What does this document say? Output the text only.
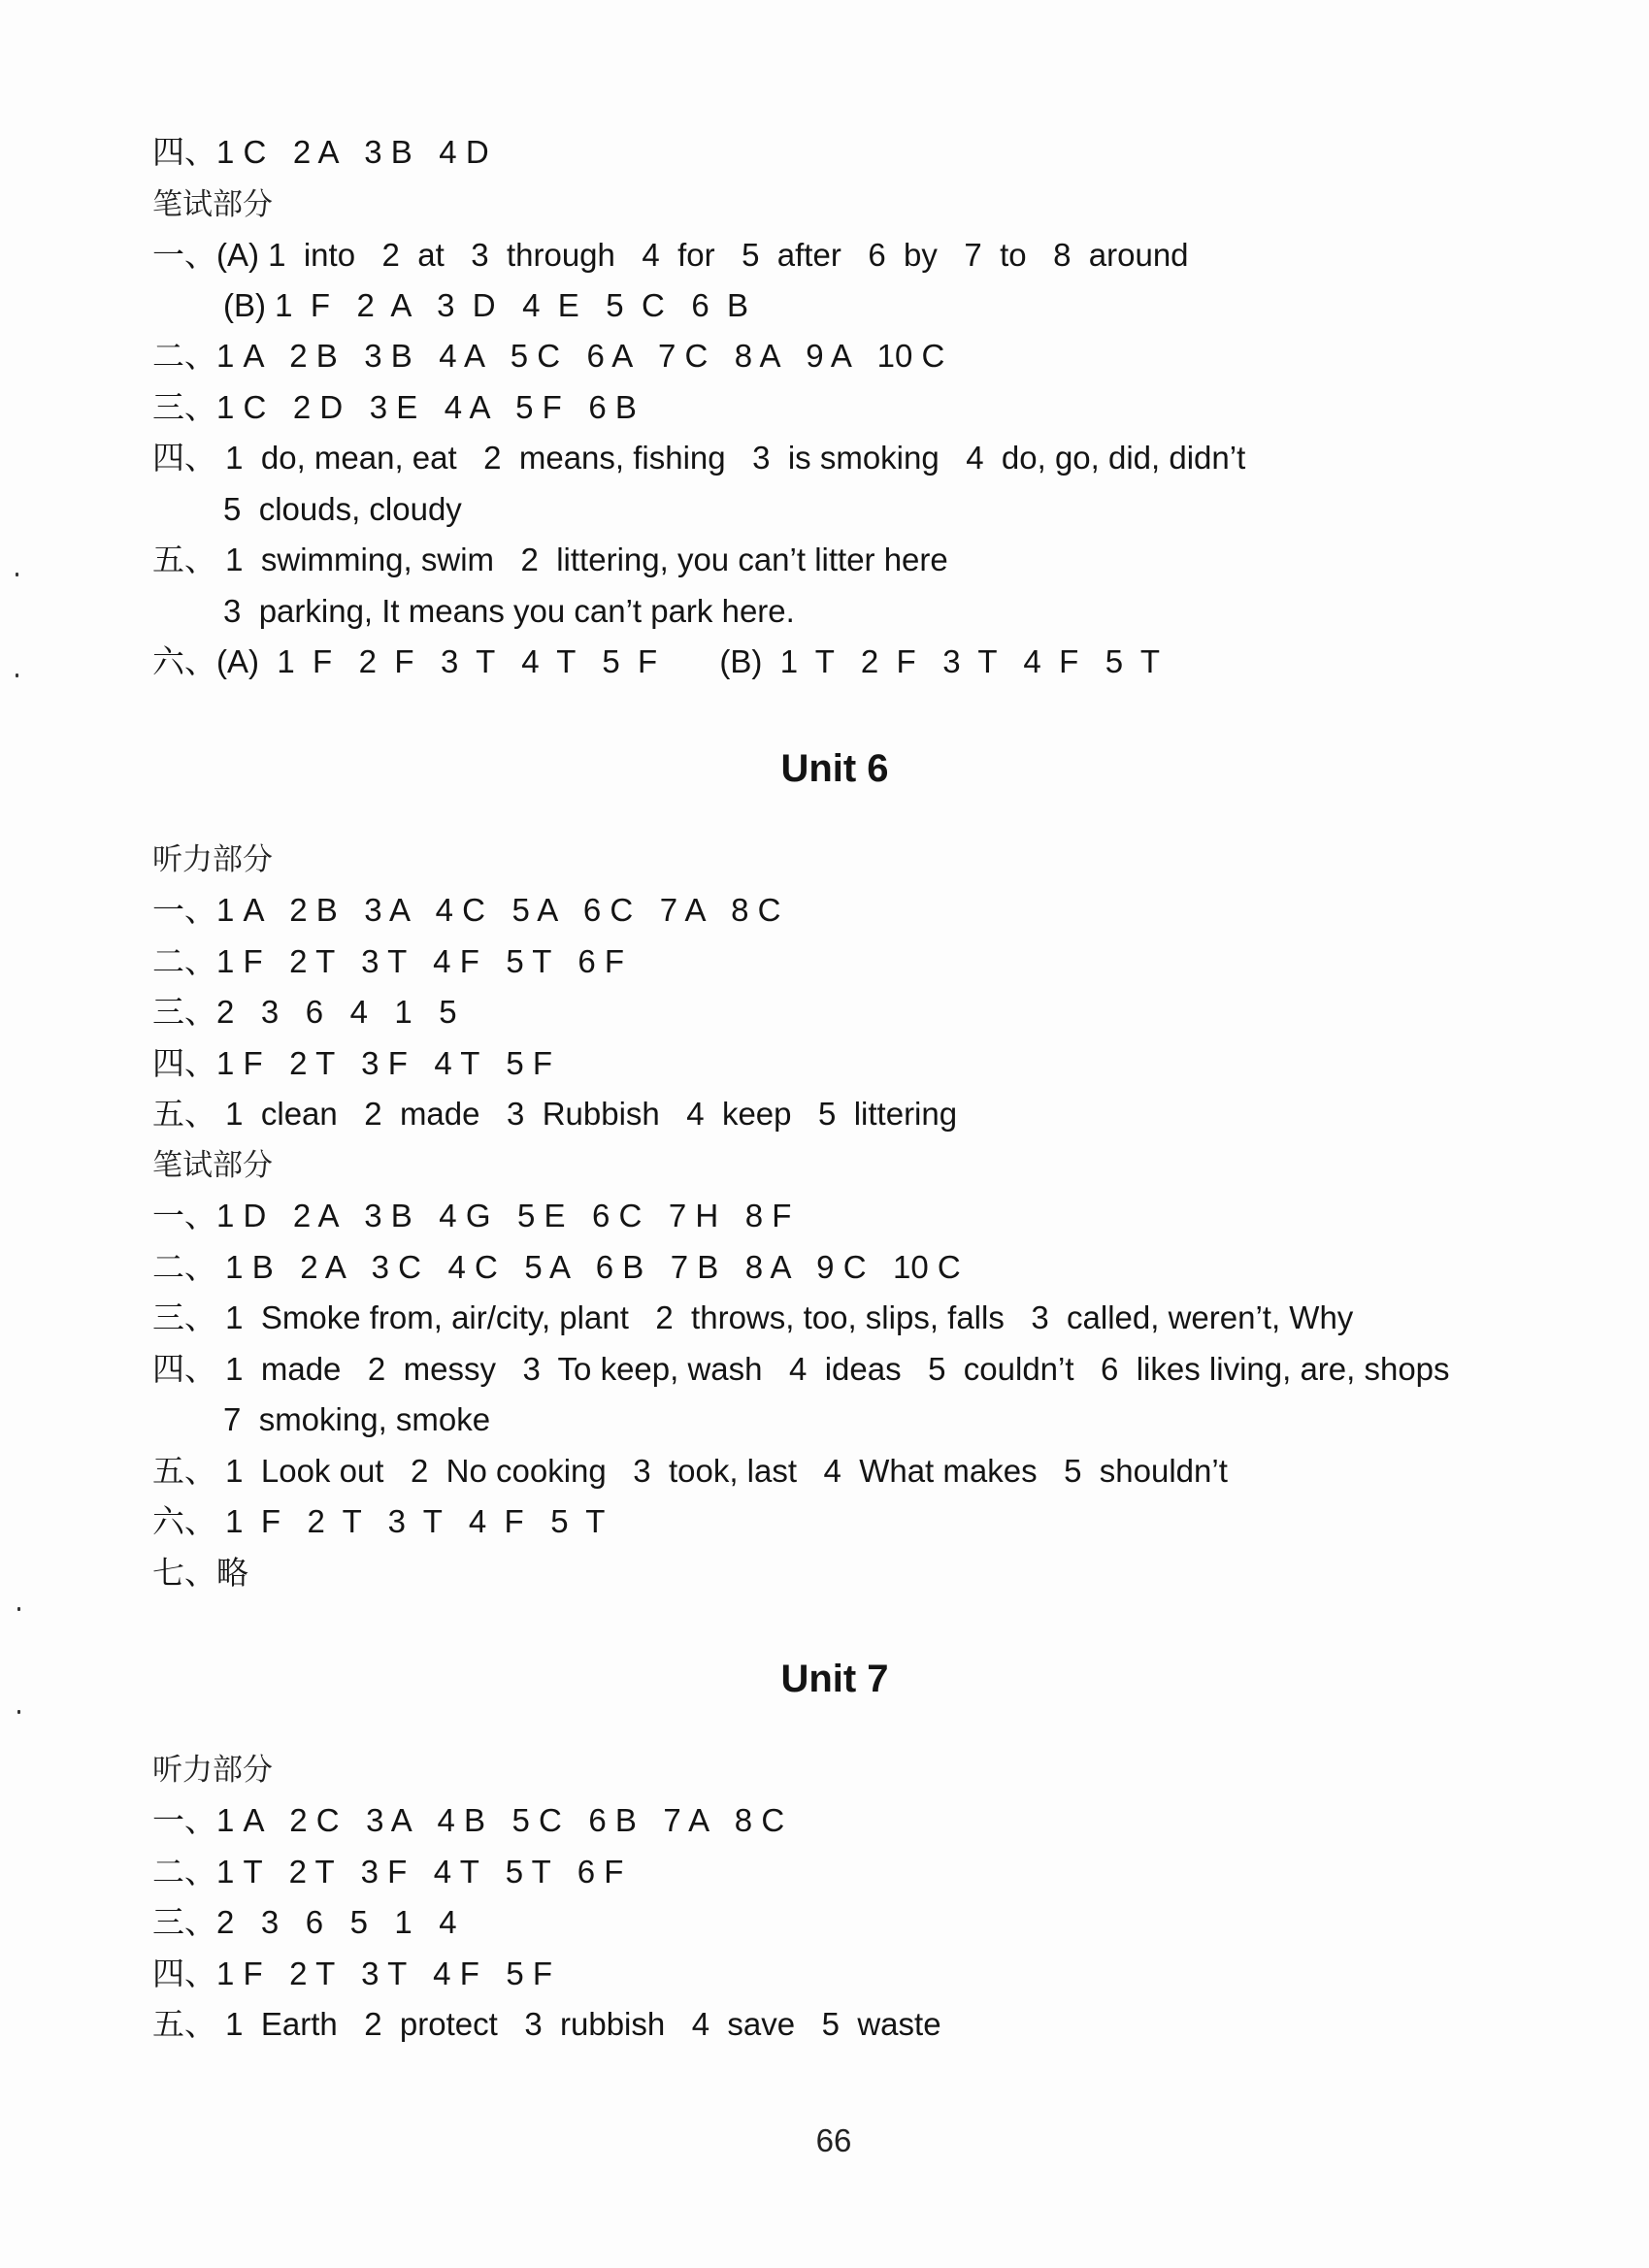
四、1 C   2 A   3 B   4 D
笔试部分
一、(A) 1  into   2  at   3  through   4  for   5  after   6  by   7  to   8  around
(B) 1  F   2  A   3  D   4  E   5  C   6  B
二、1 A   2 B   3 B   4 A   5 C   6 A   7 C   8 A   9 A   10 C
三、1 C   2 D   3 E   4 A   5 F   6 B
四、 1  do, mean, eat   2  means, fishing   3  is smoking   4  do, go, did, didn’t
5  clouds, cloudy
五、 1  swimming, swim   2  littering, you can’t litter here
3  parking, It means you can’t park here.
六、(A)  1  F   2  F   3  T   4  T   5  F       (B)  1  T   2  F   3  T   4  F   5  T
Unit 6
听力部分
一、1 A   2 B   3 A   4 C   5 A   6 C   7 A   8 C
二、1 F   2 T   3 T   4 F   5 T   6 F
三、2   3   6   4   1   5
四、1 F   2 T   3 F   4 T   5 F
五、 1  clean   2  made   3  Rubbish   4  keep   5  littering
笔试部分
一、1 D   2 A   3 B   4 G   5 E   6 C   7 H   8 F
二、 1 B   2 A   3 C   4 C   5 A   6 B   7 B   8 A   9 C   10 C
三、 1  Smoke from, air/city, plant   2  throws, too, slips, falls   3  called, weren’t, Why
四、 1  made   2  messy   3  To keep, wash   4  ideas   5  couldn’t   6  likes living, are, shops
7  smoking, smoke
五、 1  Look out   2  No cooking   3  took, last   4  What makes   5  shouldn’t
六、 1  F   2  T   3  T   4  F   5  T
七、略
Unit 7
听力部分
一、1 A   2 C   3 A   4 B   5 C   6 B   7 A   8 C
二、1 T   2 T   3 F   4 T   5 T   6 F
三、2   3   6   5   1   4
四、1 F   2 T   3 T   4 F   5 F
五、 1  Earth   2  protect   3  rubbish   4  save   5  waste
66
